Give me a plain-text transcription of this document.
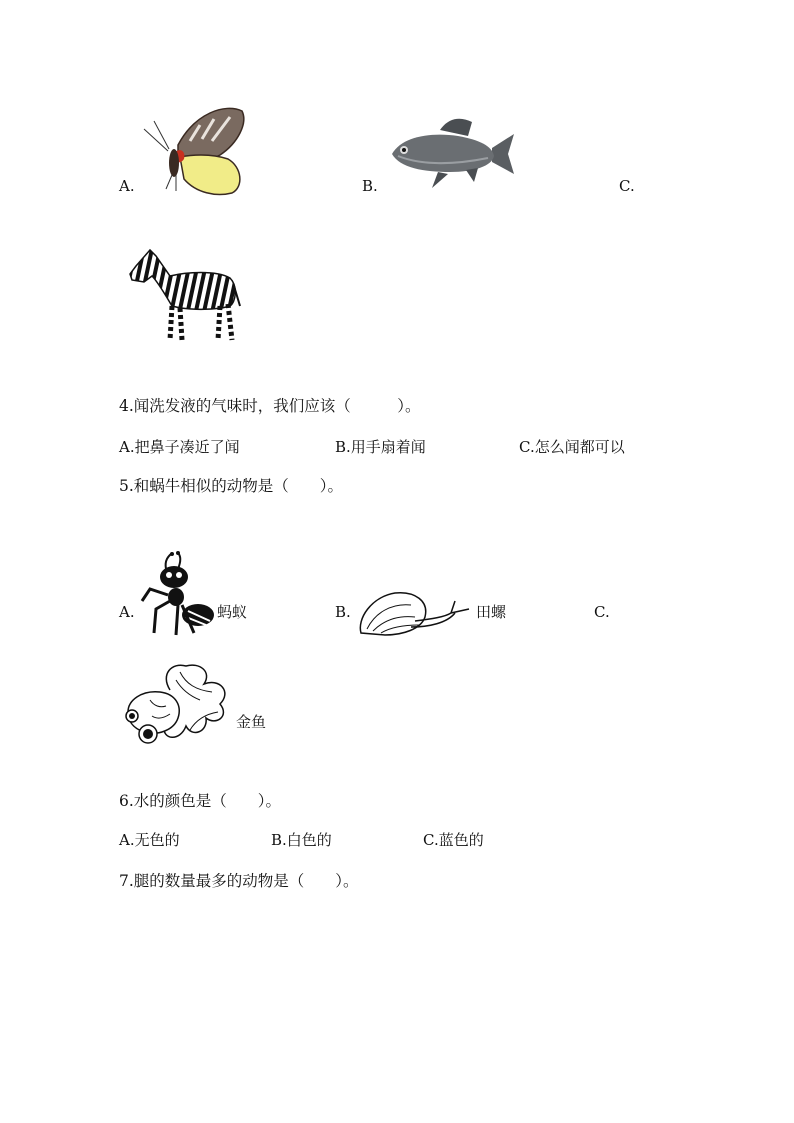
A.	B.	C.
4.闻洗发液的气味时，我们应该（　　　）。
A.把鼻子凑近了闻	B.用手扇着闻	C.怎么闻都可以
5.和蜗牛相似的动物是（　　）。
A.	蚂蚁	B.	田螺	C.
金鱼
6.水的颜色是（　　）。
A.无色的	B.白色的	C.蓝色的
7.腿的数量最多的动物是（　　）。
